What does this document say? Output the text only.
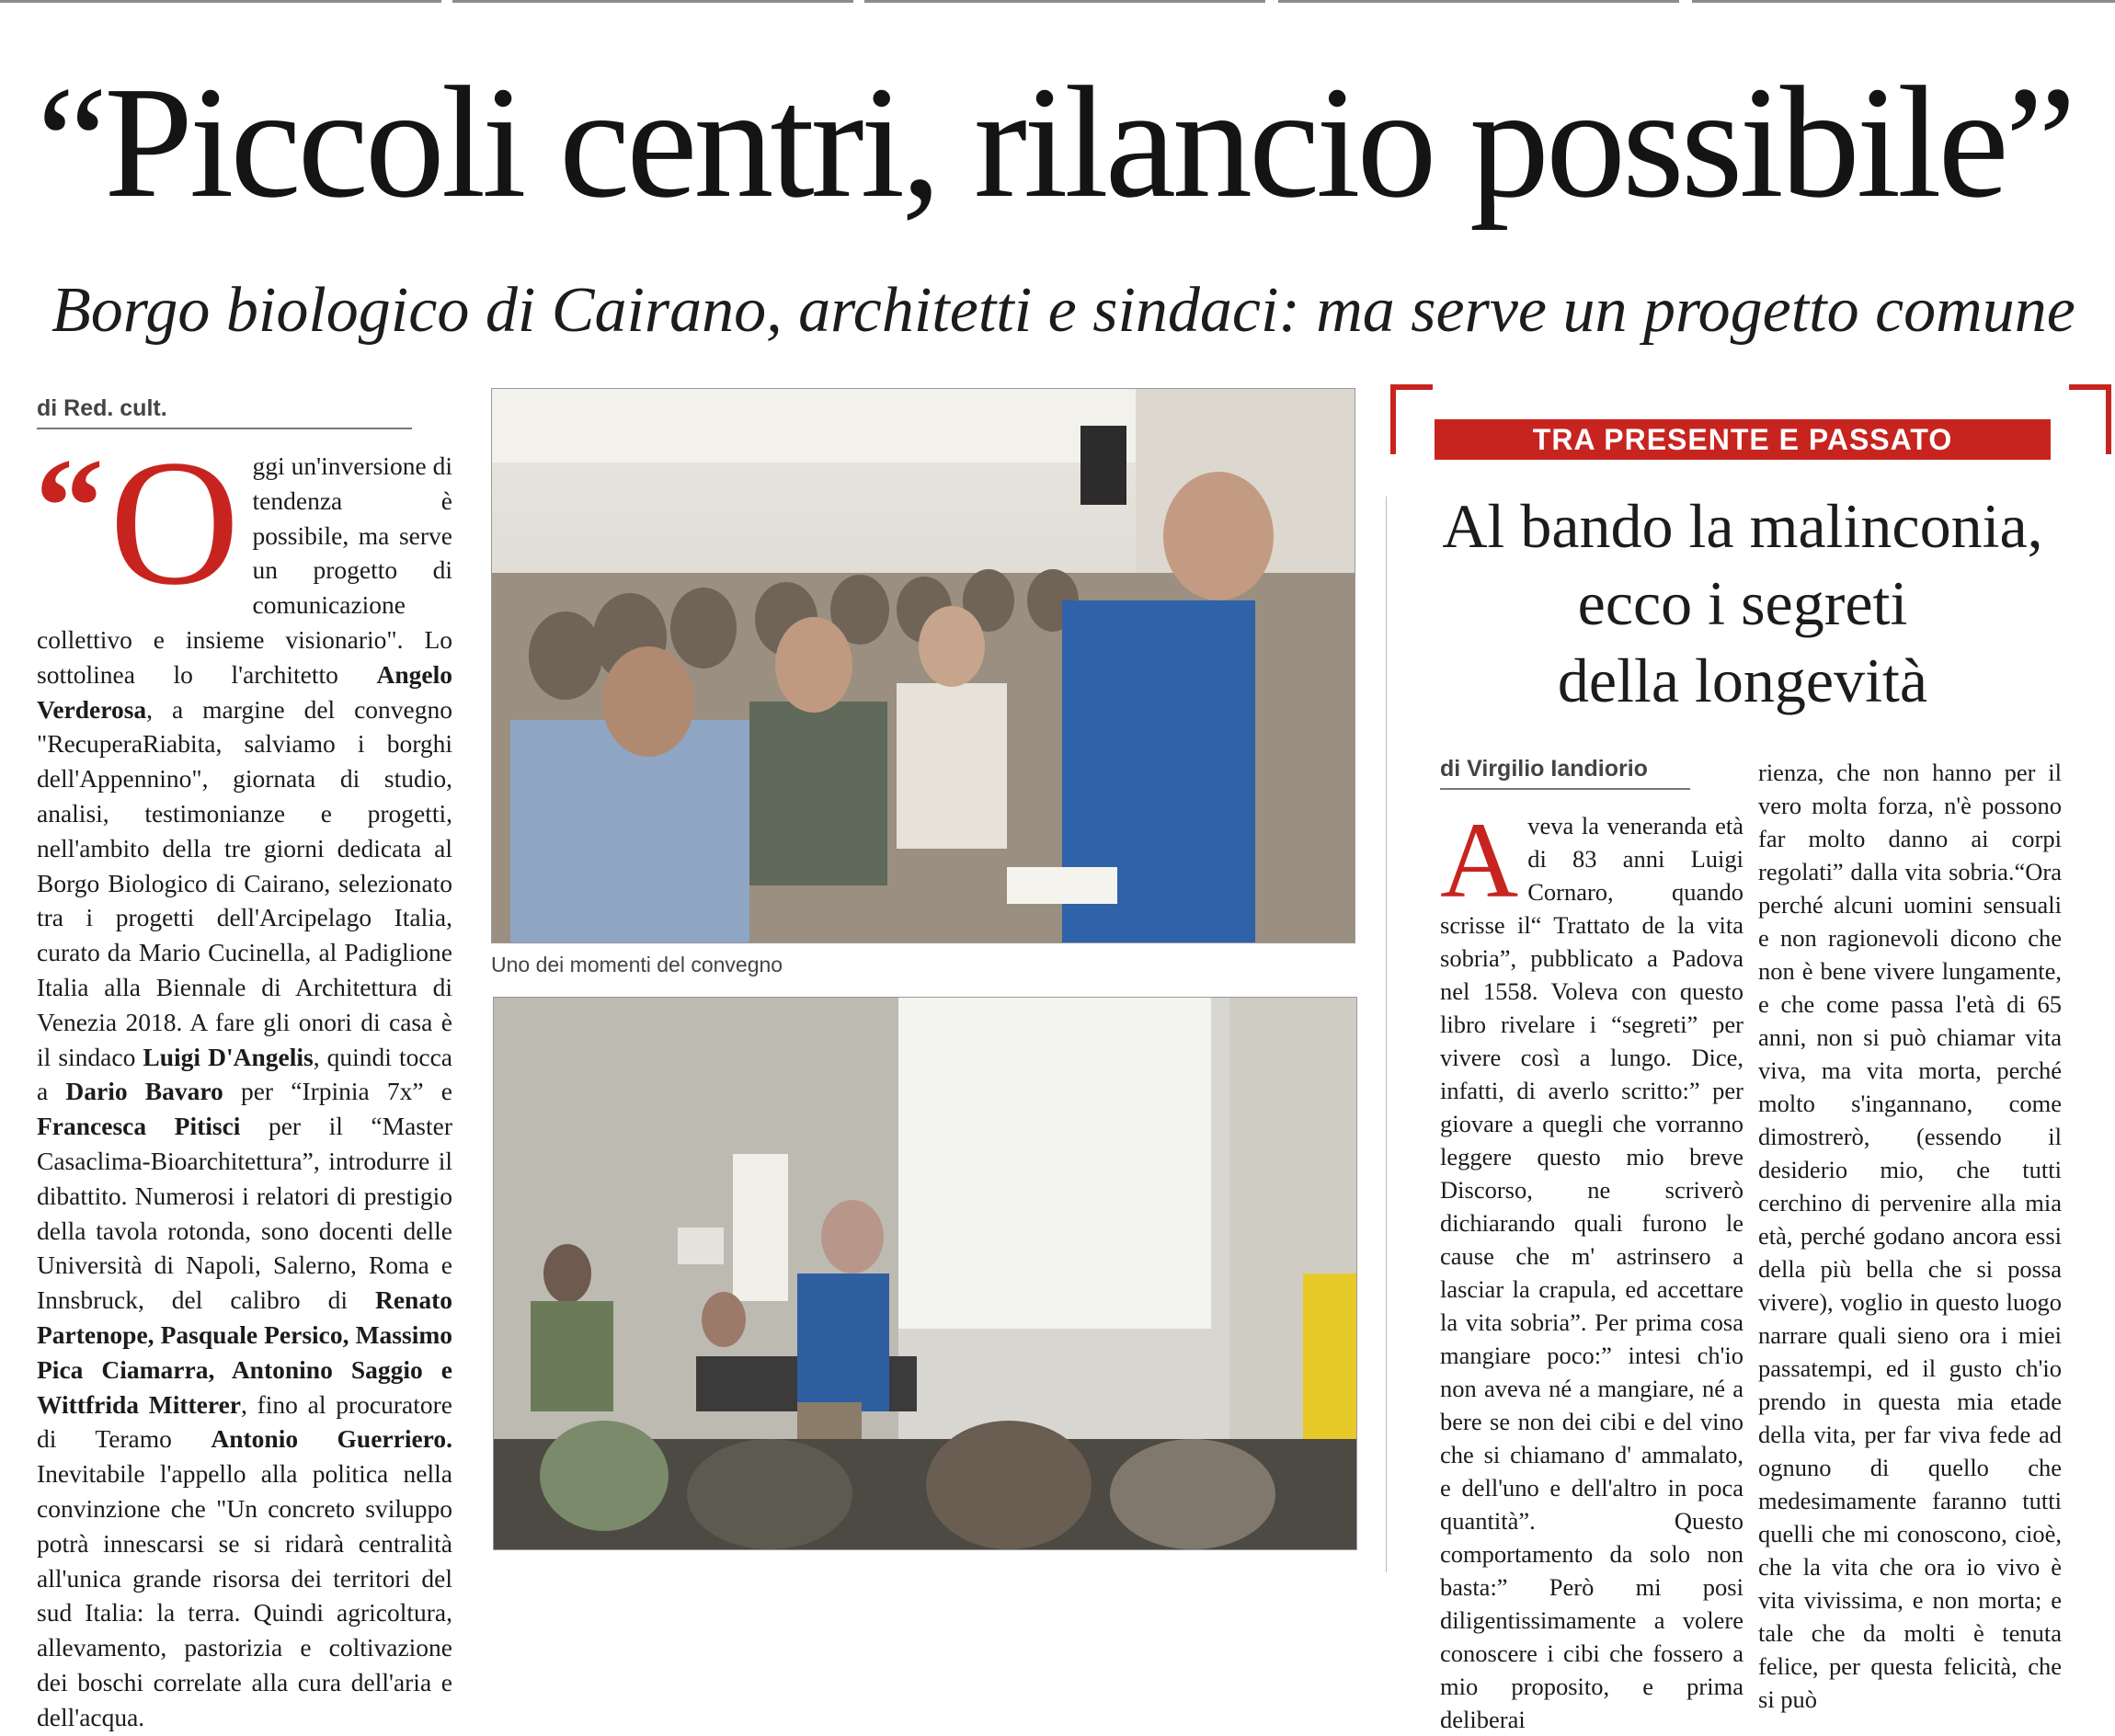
“Piccoli centri, rilancio possibile”
Borgo biologico di Cairano, architetti e sindaci: ma serve un progetto comune
di Red. cult.

“ O ggi un'inversione di tendenza è possibile, ma serve un progetto di comunicazione collettivo e insieme visionario". Lo sottolinea lo l'architetto Angelo Verderosa, a margine del convegno "RecuperaRiabita, salviamo i borghi dell'Appennino", giornata di studio, analisi, testimonianze e progetti, nell'ambito della tre giorni dedicata al Borgo Biologico di Cairano, selezionato tra i progetti dell'Arcipelago Italia, curato da Mario Cucinella, al Padiglione Italia alla Biennale di Architettura di Venezia 2018. A fare gli onori di casa è il sindaco Luigi D'Angelis, quindi tocca a Dario Bavaro per “Irpinia 7x” e Francesca Pitisci per il “Master Casaclima-Bioarchitettura”, introdurre il dibattito. Numerosi i relatori di prestigio della tavola rotonda, sono docenti delle Università di Napoli, Salerno, Roma e Innsbruck, del calibro di Renato Partenope, Pasquale Persico, Massimo Pica Ciamarra, Antonino Saggio e Wittfrida Mitterer, fino al procuratore di Teramo Antonio Guerriero. Inevitabile l'appello alla politica nella convinzione che "Un concreto sviluppo potrà innescarsi se si ridarà centralità all'unica grande risorsa dei territori del sud Italia: la terra. Quindi agricoltura, allevamento, pastorizia e coltivazione dei boschi correlate alla cura dell'aria e dell'acqua.

Uno dei momenti del convegno
TRA PRESENTE E PASSATO
Al bando la malinconia,
ecco i segreti
della longevità
di Virgilio Iandiorio

Aveva la veneranda età di 83 anni Luigi Cornaro, quando scrisse il“ Trattato de la vita sobria”, pubblicato a Padova nel 1558. Voleva con questo libro rivelare i “segreti” per vivere così a lungo. Dice, infatti, di averlo scritto:” per giovare a quegli che vorranno leggere questo mio breve Discorso, ne scriverò dichiarando quali furono le cause che m' astrinsero a lasciar la crapula, ed accettare la vita sobria”. Per prima cosa mangiare poco:” intesi ch'io non aveva né a mangiare, né a bere se non dei cibi e del vino che si chiamano d' ammalato, e dell'uno e dell'altro in poca quantità”. Questo comportamento da solo non basta:” Però mi posi diligentissimamente a volere conoscere i cibi che fossero a mio proposito, e prima deliberai

rienza, che non hanno per il vero molta forza, n'è possono far molto danno ai corpi regolati” dalla vita sobria.“Ora perché alcuni uomini sensuali e non ragionevoli dicono che non è bene vivere lungamente, e che come passa l'età di 65 anni, non si può chiamar vita viva, ma vita morta, perché molto s'ingannano, come dimostrerò, (essendo il desiderio mio, che tutti cerchino di pervenire alla mia età, perché godano ancora essi della più bella che si possa vivere), voglio in questo luogo narrare quali sieno ora i miei passatempi, ed il gusto ch'io prendo in questa mia etade della vita, per far viva fede ad ognuno di quello che medesimamente faranno tutti quelli che mi conoscono, cioè, che la vita che ora io vivo è vita vivissima, e non morta; e tale che da molti è tenuta felice, per questa felicità, che si può
